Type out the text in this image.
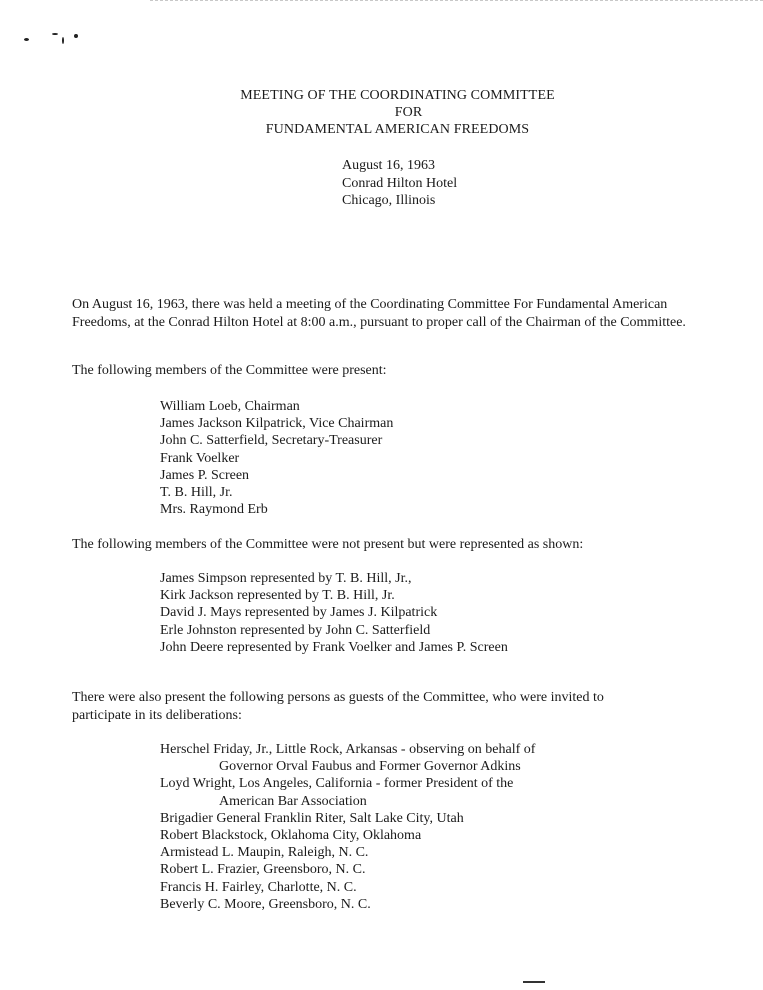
MEETING OF THE COORDINATING COMMITTEE
FOR
FUNDAMENTAL AMERICAN FREEDOMS
August 16, 1963
Conrad Hilton Hotel
Chicago, Illinois
On August 16, 1963, there was held a meeting of the Coordinating Committee For Fundamental American Freedoms, at the Conrad Hilton Hotel at 8:00 a.m., pursuant to proper call of the Chairman of the Committee.
The following members of the Committee were present:
William Loeb, Chairman
James Jackson Kilpatrick, Vice Chairman
John C. Satterfield, Secretary-Treasurer
Frank Voelker
James P. Screen
T. B. Hill, Jr.
Mrs. Raymond Erb
The following members of the Committee were not present but were represented as shown:
James Simpson represented by T. B. Hill, Jr.,
Kirk Jackson represented by T. B. Hill, Jr.
David J. Mays represented by James J. Kilpatrick
Erle Johnston represented by John C. Satterfield
John Deere represented by Frank Voelker and James P. Screen
There were also present the following persons as guests of the Committee, who were invited to participate in its deliberations:
Herschel Friday, Jr., Little Rock, Arkansas - observing on behalf of
Governor Orval Faubus and Former Governor Adkins
Loyd Wright, Los Angeles, California - former President of the
American Bar Association
Brigadier General Franklin Riter, Salt Lake City, Utah
Robert Blackstock, Oklahoma City, Oklahoma
Armistead L. Maupin, Raleigh, N. C.
Robert L. Frazier, Greensboro, N. C.
Francis H. Fairley, Charlotte, N. C.
Beverly C. Moore, Greensboro, N. C.
